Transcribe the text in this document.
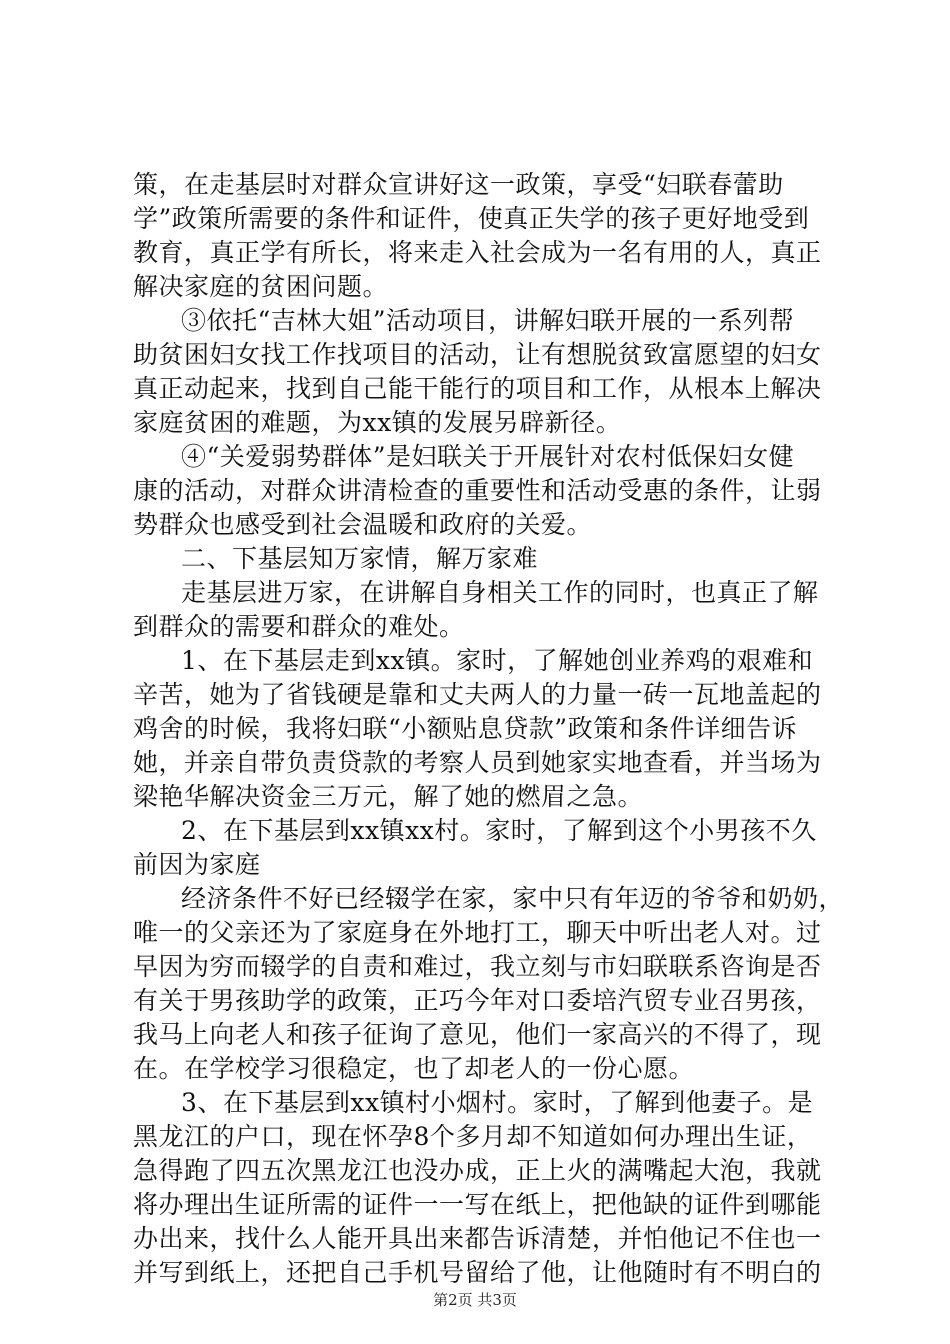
策，在走基层时对群众宣讲好这一政策，享受“妇联春蕾助
学”政策所需要的条件和证件，使真正失学的孩子更好地受到
教育，真正学有所长，将来走入社会成为一名有用的人，真正
解决家庭的贫困问题。
③依托“吉林大姐”活动项目，讲解妇联开展的一系列帮
助贫困妇女找工作找项目的活动，让有想脱贫致富愿望的妇女
真正动起来，找到自己能干能行的项目和工作，从根本上解决
家庭贫困的难题，为xx镇的发展另辟新径。
④“关爱弱势群体”是妇联关于开展针对农村低保妇女健
康的活动，对群众讲清检查的重要性和活动受惠的条件，让弱
势群众也感受到社会温暖和政府的关爱。
二、下基层知万家情，解万家难
走基层进万家，在讲解自身相关工作的同时，也真正了解
到群众的需要和群众的难处。
1、在下基层走到xx镇。家时，了解她创业养鸡的艰难和
辛苦，她为了省钱硬是靠和丈夫两人的力量一砖一瓦地盖起的
鸡舍的时候，我将妇联“小额贴息贷款”政策和条件详细告诉
她，并亲自带负责贷款的考察人员到她家实地查看，并当场为
梁艳华解决资金三万元，解了她的燃眉之急。
2、在下基层到xx镇xx村。家时，了解到这个小男孩不久
前因为家庭
经济条件不好已经辍学在家，家中只有年迈的爷爷和奶奶，
唯一的父亲还为了家庭身在外地打工，聊天中听出老人对。过
早因为穷而辍学的自责和难过，我立刻与市妇联联系咨询是否
有关于男孩助学的政策，正巧今年对口委培汽贸专业召男孩，
我马上向老人和孩子征询了意见，他们一家高兴的不得了，现
在。在学校学习很稳定，也了却老人的一份心愿。
3、在下基层到xx镇村小烟村。家时，了解到他妻子。是
黑龙江的户口，现在怀孕8个多月却不知道如何办理出生证，
急得跑了四五次黑龙江也没办成，正上火的满嘴起大泡，我就
将办理出生证所需的证件一一写在纸上，把他缺的证件到哪能
办出来，找什么人能开具出来都告诉清楚，并怕他记不住也一
并写到纸上，还把自己手机号留给了他，让他随时有不明白的
第2页 共3页
